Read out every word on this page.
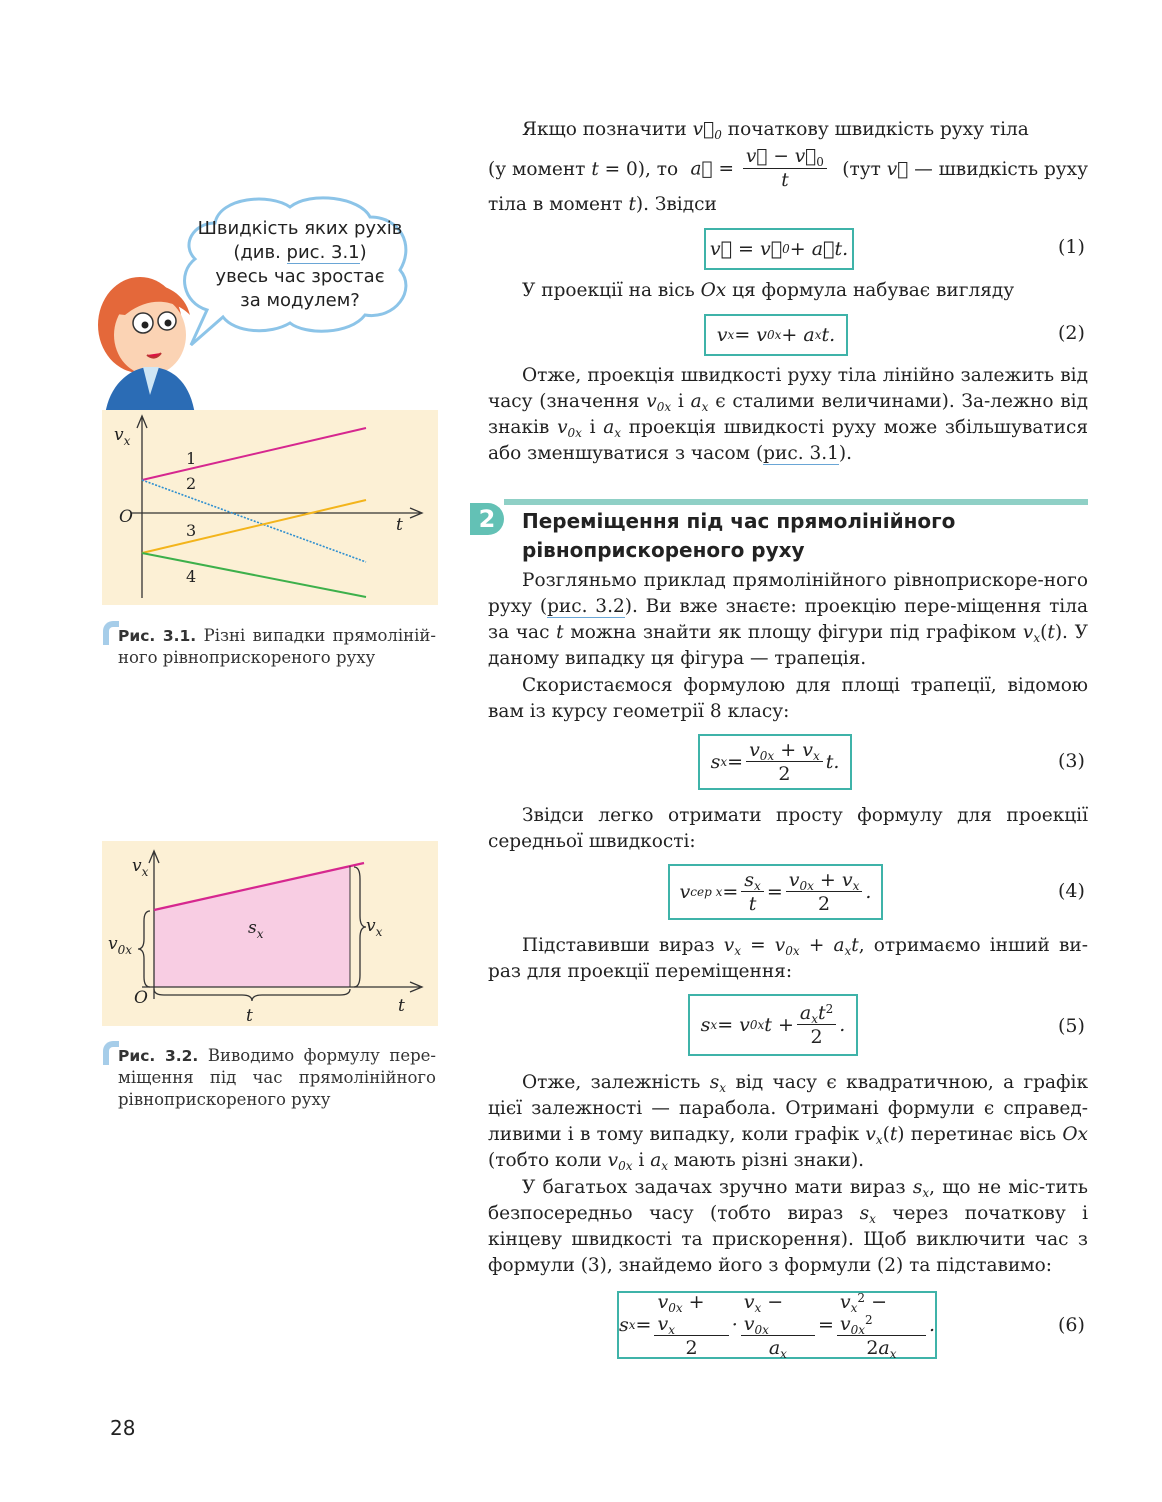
Швидкість яких рухів
(див. рис. 3.1)
увесь час зростає
за модулем?
$v_x$
O	t
1
2
3
4
Рис. 3.1. Різні випадки прямоліній-ного рівноприскореного руху
$v_x$
$v_{0x}$
$v_x$
$s_x$
O	t
t
Рис. 3.2. Виводимо формулу пере-міщення під час прямолінійного рівноприскореного руху
Якщо позначити $v⃗_0$ початкову швидкість руху тіла
(у момент t = 0), то a⃗ = $\frac{v⃗ - v⃗_0}{t} (тут$ v⃗ — швидкість руху
тіла в момент t). Звідси
v⃗ = v⃗ 0 + a⃗t.	(1)
У проекції на вісь Ox ця формула набуває вигляду
v x = v 0x + a x t.	(2)
Отже, проекція швидкості руху тіла лінійно залежить від часу (значення $v_{0x}$ і $a_x$ є сталими величинами). За-лежно від знаків $v_{0x}$ і $a_x$ проекція швидкості руху може збільшуватися або зменшуватися з часом (рис. 3.1).
2	Переміщення під час прямолінійного
рівноприскореного руху
Розгляньмо приклад прямолінійного рівноприскоре-ного руху (рис. 3.2). Ви вже знаєте: проекцію пере-міщення тіла за час t можна знайти як площу фігури під графіком $v_x(t)$. У даному випадку ця фігура — трапеція.
Скористаємося формулою для площі трапеції, відомою вам із курсу геометрії 8 класу:
s $x = \frac{v_{0x} + v_x}{2} t$.	(3)
Звідси легко отримати просту формулу для проекції середньої швидкості:
v сер $x = \frac{s_x}{t} = \frac{v_{0x} + v_x}{2}$ .	(4)
Підставивши вираз $v_x = v_{0x} + a_xt$, отримаємо інший ви-раз для проекції переміщення:
s x = v 0x $t + \frac{a_xt^2}{2}$ .	(5)
Отже, залежність $s_x$ від часу є квадратичною, а графік цієї залежності — парабола. Отримані формули є справед-ливими і в тому випадку, коли графік $v_x(t)$ перетинає вісь Ox (тобто коли $v_{0x}$ і $a_x$ мають різні знаки).
У багатьох задачах зручно мати вираз $s_x$, що не міс-тить безпосередньо часу (тобто вираз $s_x$ через початкову і кінцеву швидкості та прискорення). Щоб виключити час з формули (3), знайдемо його з формули (2) та підставимо:
s $x = \frac{v_{0x} + v_x}{2} \cdot \frac{v_x - v_{0x}}{a_x} = \frac{v_x^2 - v_{0x}^2}{2a_x}$ .	(6)
28
